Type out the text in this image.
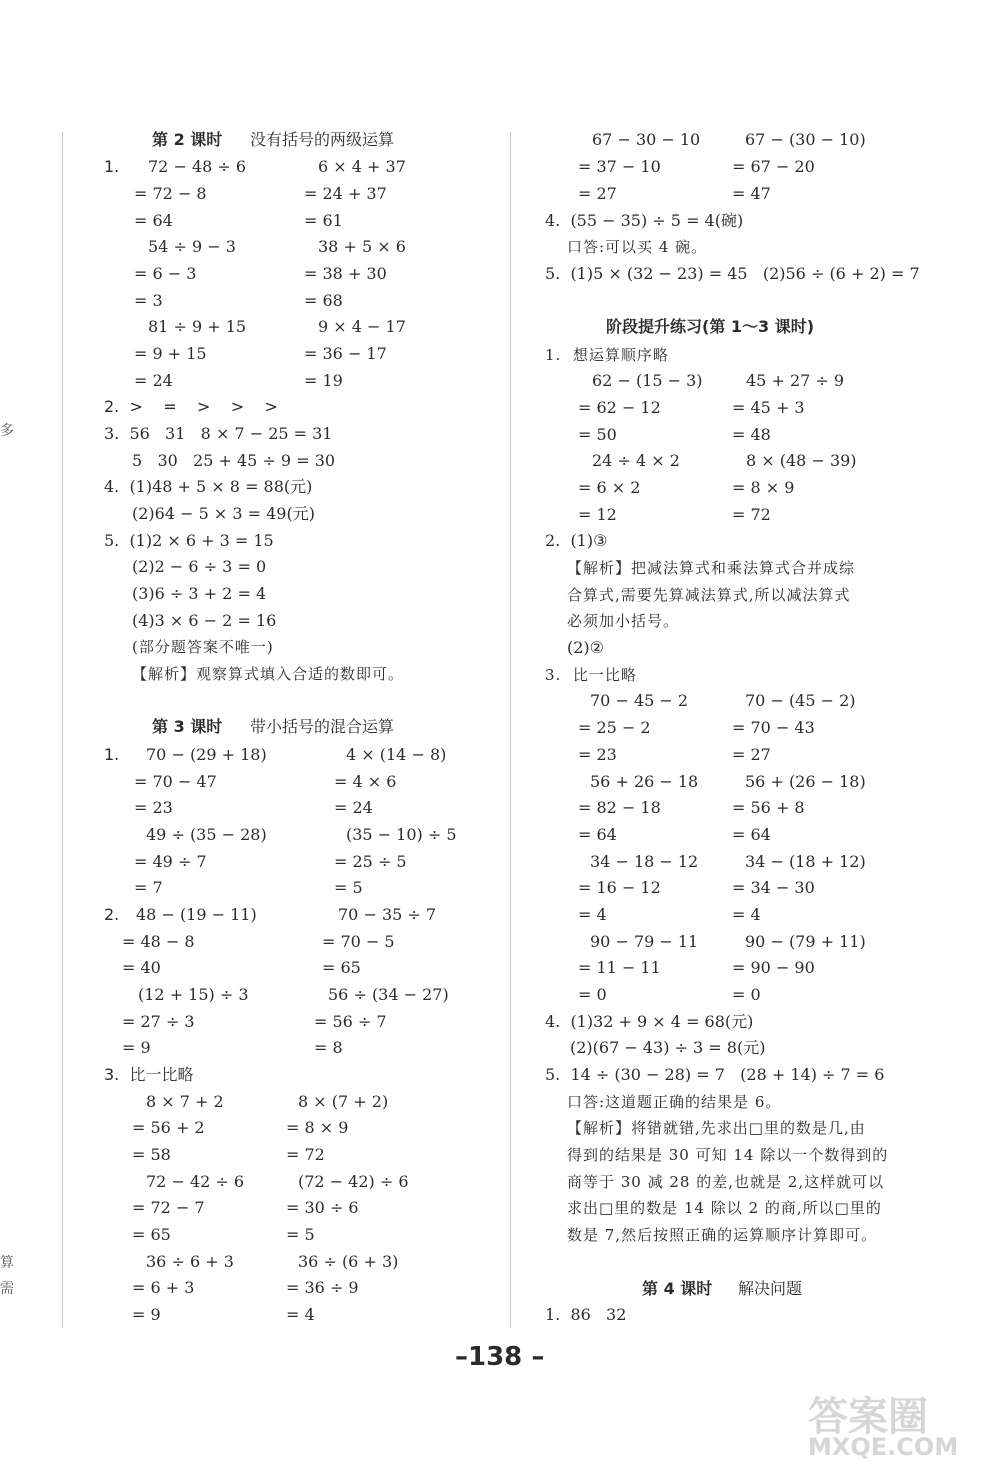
多
算
需
第 2 课时 没有括号的两级运算
1. 72 − 48 ÷ 6	6 × 4 + 37
= 72 − 8	= 24 + 37
= 64	= 61
54 ÷ 9 − 3	38 + 5 × 6
= 6 − 3	= 38 + 30
= 3	= 68
81 ÷ 9 + 15	9 × 4 − 17
= 9 + 15	= 36 − 17
= 24	= 19
2.  >    =    >    >    >
3.  56   31   8 × 7 − 25 = 31
5   30   25 + 45 ÷ 9 = 30
4.  (1)48 + 5 × 8 = 88(元)
(2)64 − 5 × 3 = 49(元)
5.  (1)2 × 6 + 3 = 15
(2)2 − 6 ÷ 3 = 0
(3)6 ÷ 3 + 2 = 4
(4)3 × 6 − 2 = 16
(部分题答案不唯一)
【解析】观察算式填入合适的数即可。
第 3 课时 带小括号的混合运算
1. 70 − (29 + 18)	4 × (14 − 8)
= 70 − 47	= 4 × 6
= 23	= 24
49 ÷ (35 − 28)	(35 − 10) ÷ 5
= 49 ÷ 7	= 25 ÷ 5
= 7	= 5
2. 48 − (19 − 11)	70 − 35 ÷ 7
= 48 − 8	= 70 − 5
= 40	= 65
(12 + 15) ÷ 3	56 ÷ (34 − 27)
= 27 ÷ 3	= 56 ÷ 7
= 9	= 8
3.  比一比略
8 × 7 + 2	8 × (7 + 2)
= 56 + 2	= 8 × 9
= 58	= 72
72 − 42 ÷ 6	(72 − 42) ÷ 6
= 72 − 7	= 30 ÷ 6
= 65	= 5
36 ÷ 6 + 3	36 ÷ (6 + 3)
= 6 + 3	= 36 ÷ 9
= 9	= 4
67 − 30 − 10	67 − (30 − 10)
= 37 − 10	= 67 − 20
= 27	= 47
4.  (55 − 35) ÷ 5 = 4(碗)
口答:可以买 4 碗。
5.  (1)5 × (32 − 23) = 45   (2)56 ÷ (6 + 2) = 7
阶段提升练习(第 1～3 课时)
1.  想运算顺序略
62 − (15 − 3)	45 + 27 ÷ 9
= 62 − 12	= 45 + 3
= 50	= 48
24 ÷ 4 × 2	8 × (48 − 39)
= 6 × 2	= 8 × 9
= 12	= 72
2.  (1)③
【解析】把减法算式和乘法算式合并成综
合算式,需要先算减法算式,所以减法算式
必须加小括号。
(2)②
3.  比一比略
70 − 45 − 2	70 − (45 − 2)
= 25 − 2	= 70 − 43
= 23	= 27
56 + 26 − 18	56 + (26 − 18)
= 82 − 18	= 56 + 8
= 64	= 64
34 − 18 − 12	34 − (18 + 12)
= 16 − 12	= 34 − 30
= 4	= 4
90 − 79 − 11	90 − (79 + 11)
= 11 − 11	= 90 − 90
= 0	= 0
4.  (1)32 + 9 × 4 = 68(元)
(2)(67 − 43) ÷ 3 = 8(元)
5.  14 ÷ (30 − 28) = 7   (28 + 14) ÷ 7 = 6
口答:这道题正确的结果是 6。
【解析】将错就错,先求出□里的数是几,由
得到的结果是 30 可知 14 除以一个数得到的
商等于 30 减 28 的差,也就是 2,这样就可以
求出□里的数是 14 除以 2 的商,所以□里的
数是 7,然后按照正确的运算顺序计算即可。
第 4 课时 解决问题
1.  86   32
–138 –
答案圈
MXQE.COM
